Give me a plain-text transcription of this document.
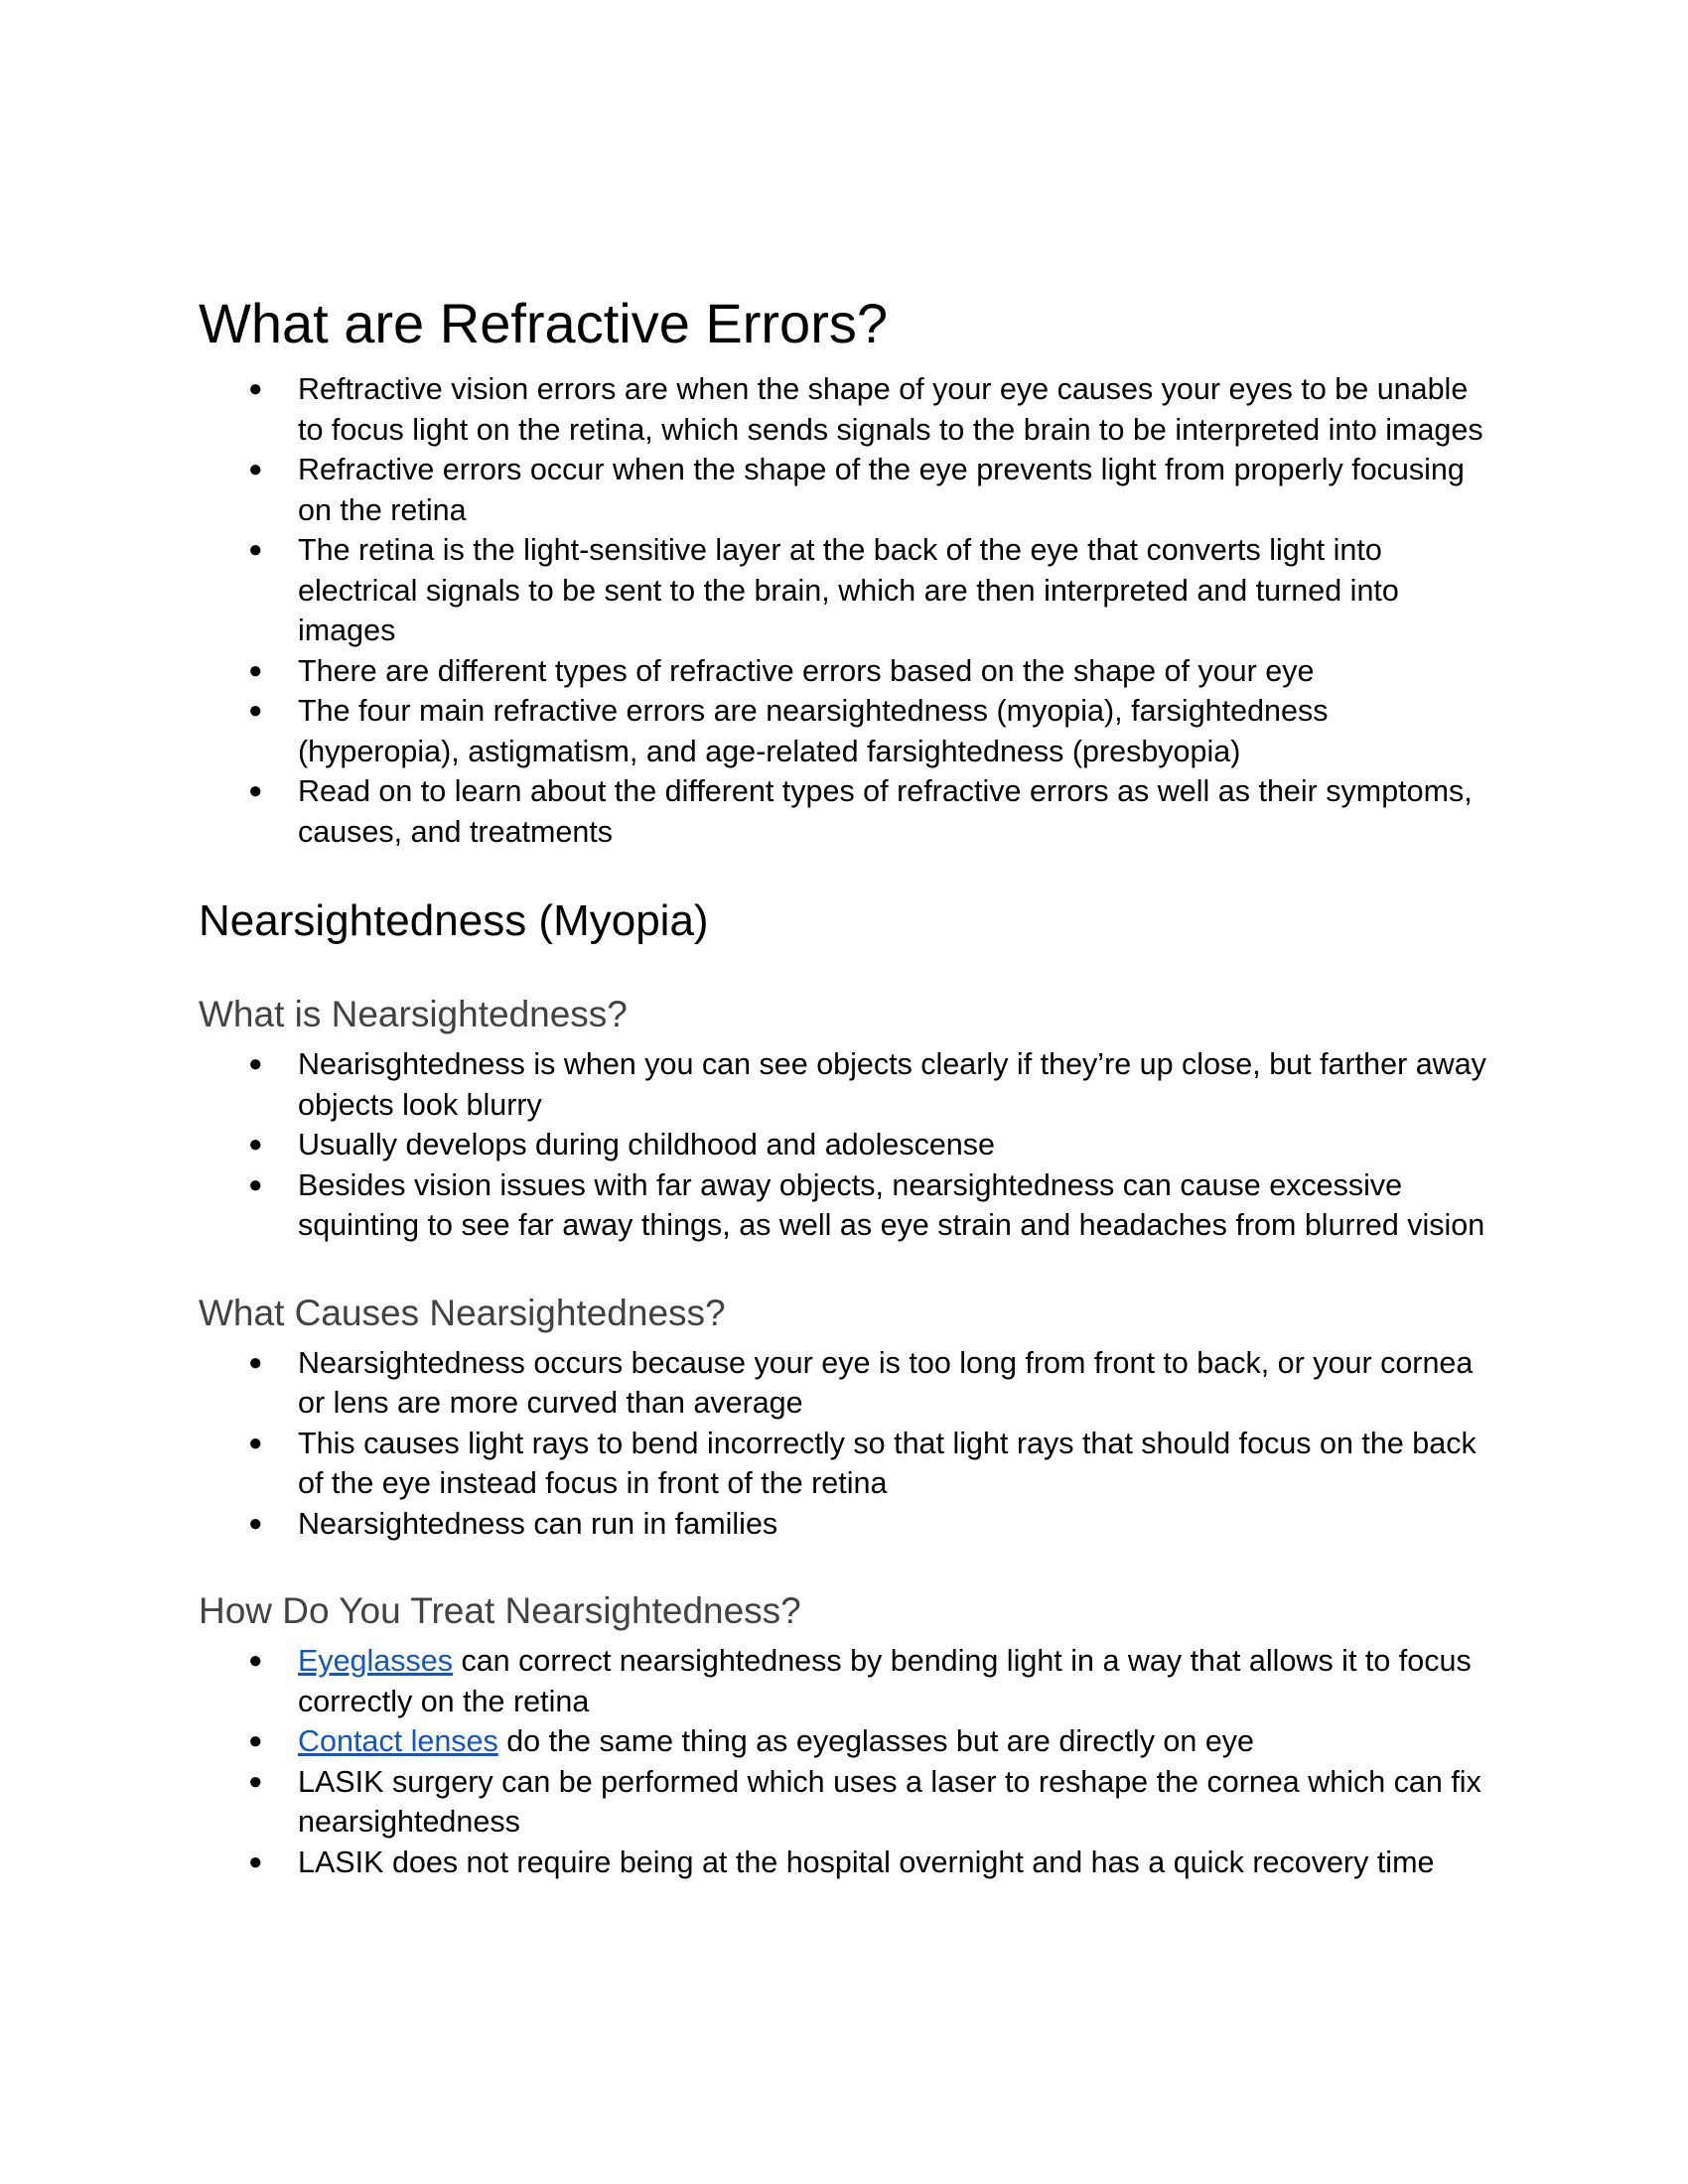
What are Refractive Errors?
●	Reftractive vision errors are when the shape of your eye causes your eyes to be unable to focus light on the retina, which sends signals to the brain to be interpreted into images
●	Refractive errors occur when the shape of the eye prevents light from properly focusing on the retina
●	The retina is the light-sensitive layer at the back of the eye that converts light into electrical signals to be sent to the brain, which are then interpreted and turned into images
●	There are different types of refractive errors based on the shape of your eye
●	The four main refractive errors are nearsightedness (myopia), farsightedness (hyperopia), astigmatism, and age-related farsightedness (presbyopia)
●	Read on to learn about the different types of refractive errors as well as their symptoms, causes, and treatments
Nearsightedness (Myopia)
What is Nearsightedness?
●	Nearisghtedness is when you can see objects clearly if they’re up close, but farther away objects look blurry
●	Usually develops during childhood and adolescense
●	Besides vision issues with far away objects, nearsightedness can cause excessive squinting to see far away things, as well as eye strain and headaches from blurred vision
What Causes Nearsightedness?
●	Nearsightedness occurs because your eye is too long from front to back, or your cornea or lens are more curved than average
●	This causes light rays to bend incorrectly so that light rays that should focus on the back of the eye instead focus in front of the retina
●	Nearsightedness can run in families
How Do You Treat Nearsightedness?
●	Eyeglasses can correct nearsightedness by bending light in a way that allows it to focus correctly on the retina
●	Contact lenses do the same thing as eyeglasses but are directly on eye
●	LASIK surgery can be performed which uses a laser to reshape the cornea which can fix nearsightedness
●	LASIK does not require being at the hospital overnight and has a quick recovery time
